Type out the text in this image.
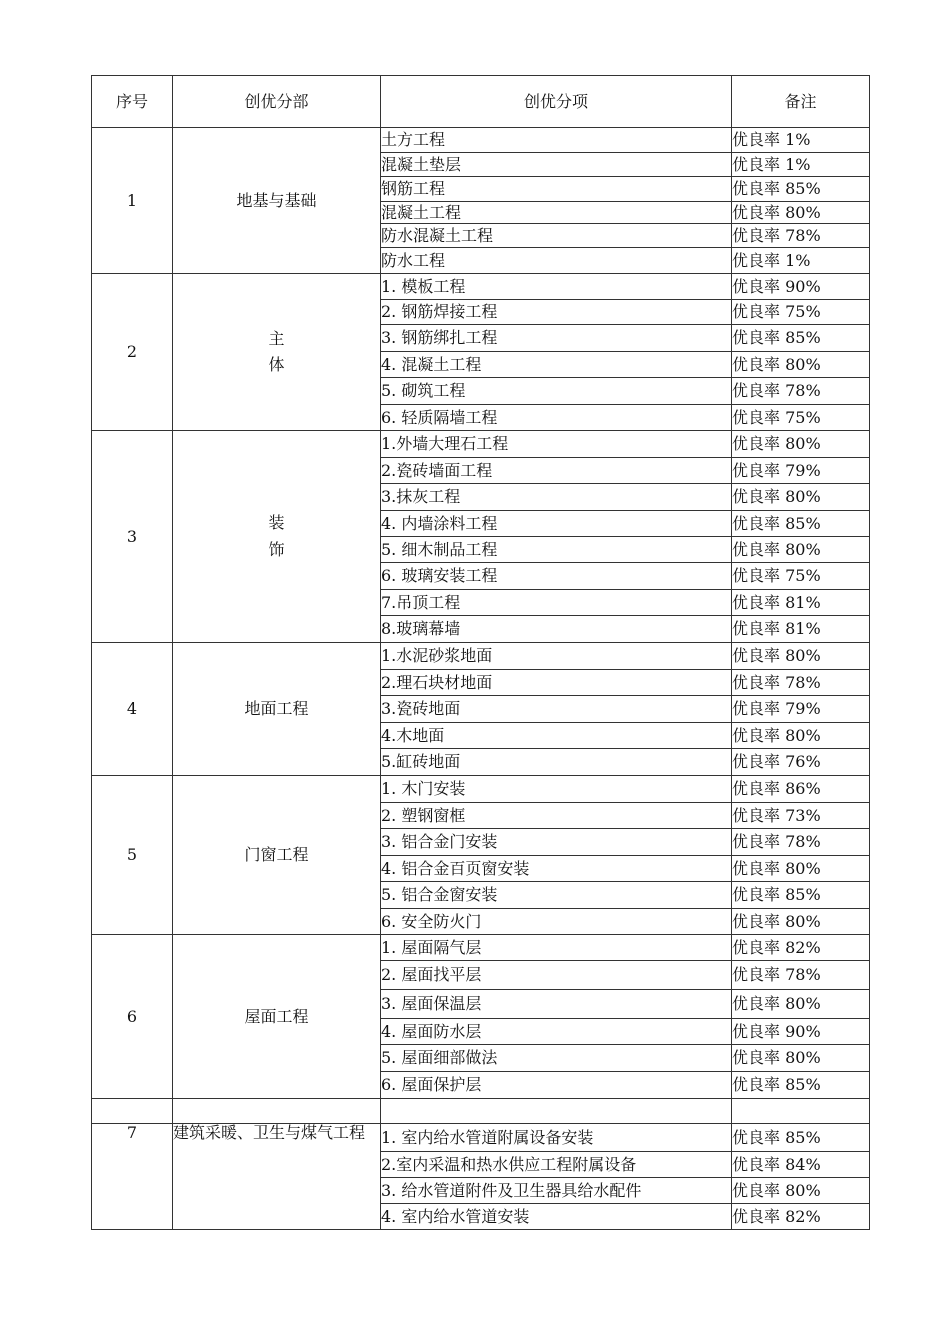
序号	创优分部	创优分项	备注
1	地基与基础	土方工程	优良率 1%
		混凝土垫层	优良率 1%
		钢筋工程	优良率 85%
		混凝土工程	优良率 80%
		防水混凝土工程	优良率 78%
		防水工程	优良率 1%
2	主体	1. 模板工程	优良率 90%
		2. 钢筋焊接工程	优良率 75%
		3. 钢筋绑扎工程	优良率 85%
		4. 混凝土工程	优良率 80%
		5. 砌筑工程	优良率 78%
		6. 轻质隔墙工程	优良率 75%
3	装饰	1.外墙大理石工程	优良率 80%
		2.瓷砖墙面工程	优良率 79%
		3.抹灰工程	优良率 80%
		4. 内墙涂料工程	优良率 85%
		5. 细木制品工程	优良率 80%
		6. 玻璃安装工程	优良率 75%
		7.吊顶工程	优良率 81%
		8.玻璃幕墙	优良率 81%
4	地面工程	1.水泥砂浆地面	优良率 80%
		2.理石块材地面	优良率 78%
		3.瓷砖地面	优良率 79%
		4.木地面	优良率 80%
		5.缸砖地面	优良率 76%
5	门窗工程	1. 木门安装	优良率 86%
		2. 塑钢窗框	优良率 73%
		3. 铝合金门安装	优良率 78%
		4. 铝合金百页窗安装	优良率 80%
		5. 铝合金窗安装	优良率 85%
		6. 安全防火门	优良率 80%
6	屋面工程	1. 屋面隔气层	优良率 82%
		2. 屋面找平层	优良率 78%
		3. 屋面保温层	优良率 80%
		4. 屋面防水层	优良率 90%
		5. 屋面细部做法	优良率 80%
		6. 屋面保护层	优良率 85%

7	建筑采暖、卫生与煤气工程	1. 室内给水管道附属设备安装	优良率 85%
		2.室内采温和热水供应工程附属设备	优良率 84%
		3. 给水管道附件及卫生器具给水配件	优良率 80%
		4. 室内给水管道安装	优良率 82%
